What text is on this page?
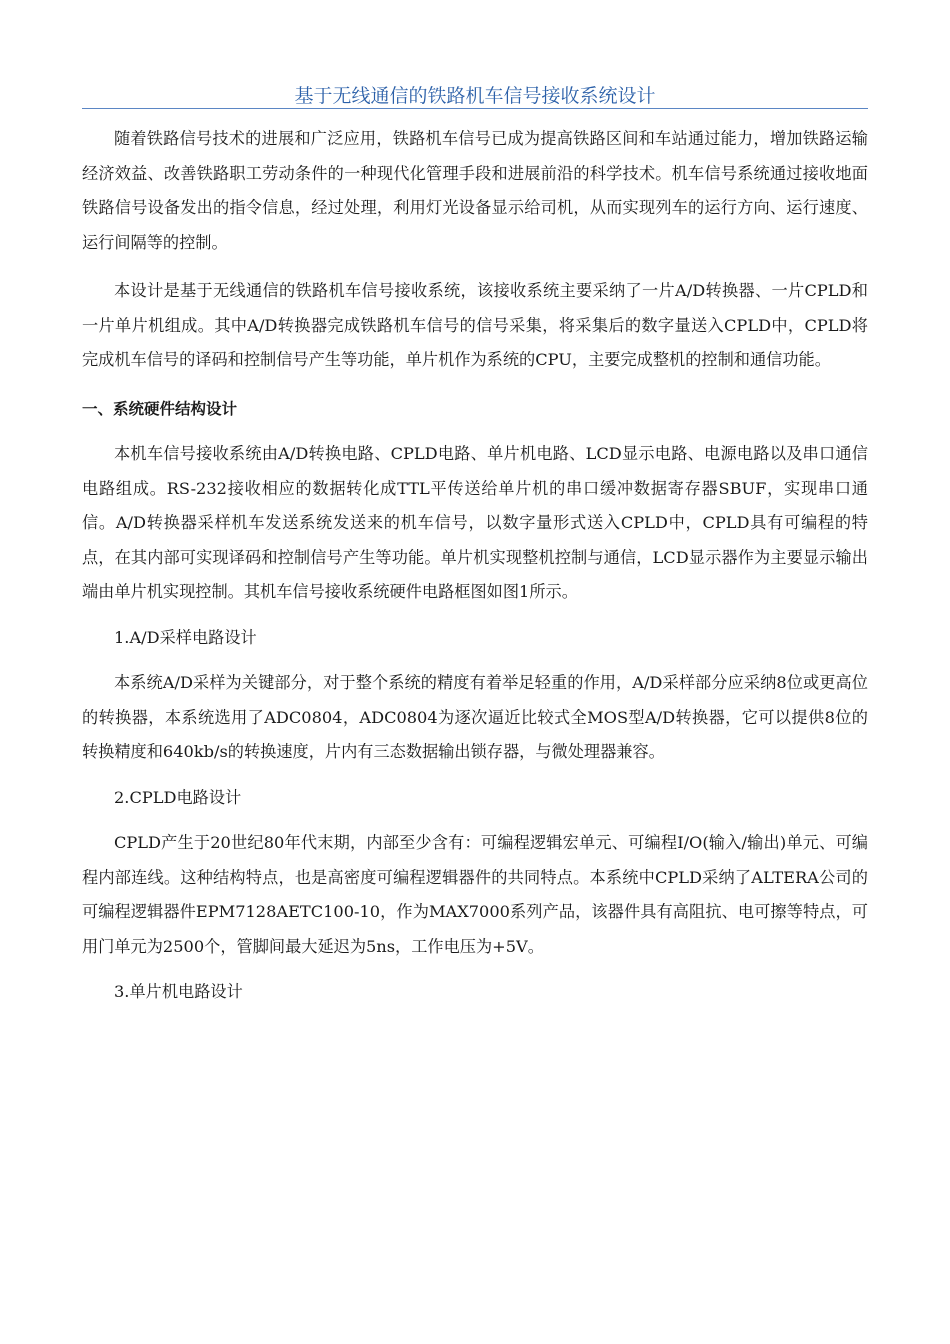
基于无线通信的铁路机车信号接收系统设计

随着铁路信号技术的进展和广泛应用，铁路机车信号已成为提高铁路区间和车站通过能力，增加铁路运输经济效益、改善铁路职工劳动条件的一种现代化管理手段和进展前沿的科学技术。机车信号系统通过接收地面铁路信号设备发出的指令信息，经过处理，利用灯光设备显示给司机，从而实现列车的运行方向、运行速度、运行间隔等的控制。

本设计是基于无线通信的铁路机车信号接收系统，该接收系统主要采纳了一片A/D转换器、一片CPLD和一片单片机组成。其中A/D转换器完成铁路机车信号的信号采集，将采集后的数字量送入CPLD中，CPLD将完成机车信号的译码和控制信号产生等功能，单片机作为系统的CPU，主要完成整机的控制和通信功能。

一、系统硬件结构设计

本机车信号接收系统由A/D转换电路、CPLD电路、单片机电路、LCD显示电路、电源电路以及串口通信电路组成。RS-232接收相应的数据转化成TTL平传送给单片机的串口缓冲数据寄存器SBUF，实现串口通信。A/D转换器采样机车发送系统发送来的机车信号，以数字量形式送入CPLD中，CPLD具有可编程的特点，在其内部可实现译码和控制信号产生等功能。单片机实现整机控制与通信，LCD显示器作为主要显示输出端由单片机实现控制。其机车信号接收系统硬件电路框图如图1所示。

1.A/D采样电路设计

本系统A/D采样为关键部分，对于整个系统的精度有着举足轻重的作用，A/D采样部分应采纳8位或更高位的转换器，本系统选用了ADC0804，ADC0804为逐次逼近比较式全MOS型A/D转换器，它可以提供8位的转换精度和640kb/s的转换速度，片内有三态数据输出锁存器，与微处理器兼容。

2.CPLD电路设计

CPLD产生于20世纪80年代末期，内部至少含有：可编程逻辑宏单元、可编程I/O(输入/输出)单元、可编程内部连线。这种结构特点，也是高密度可编程逻辑器件的共同特点。本系统中CPLD采纳了ALTERA公司的可编程逻辑器件EPM7128AETC100-10，作为MAX7000系列产品，该器件具有高阻抗、电可擦等特点，可用门单元为2500个，管脚间最大延迟为5ns，工作电压为+5V。

3.单片机电路设计
